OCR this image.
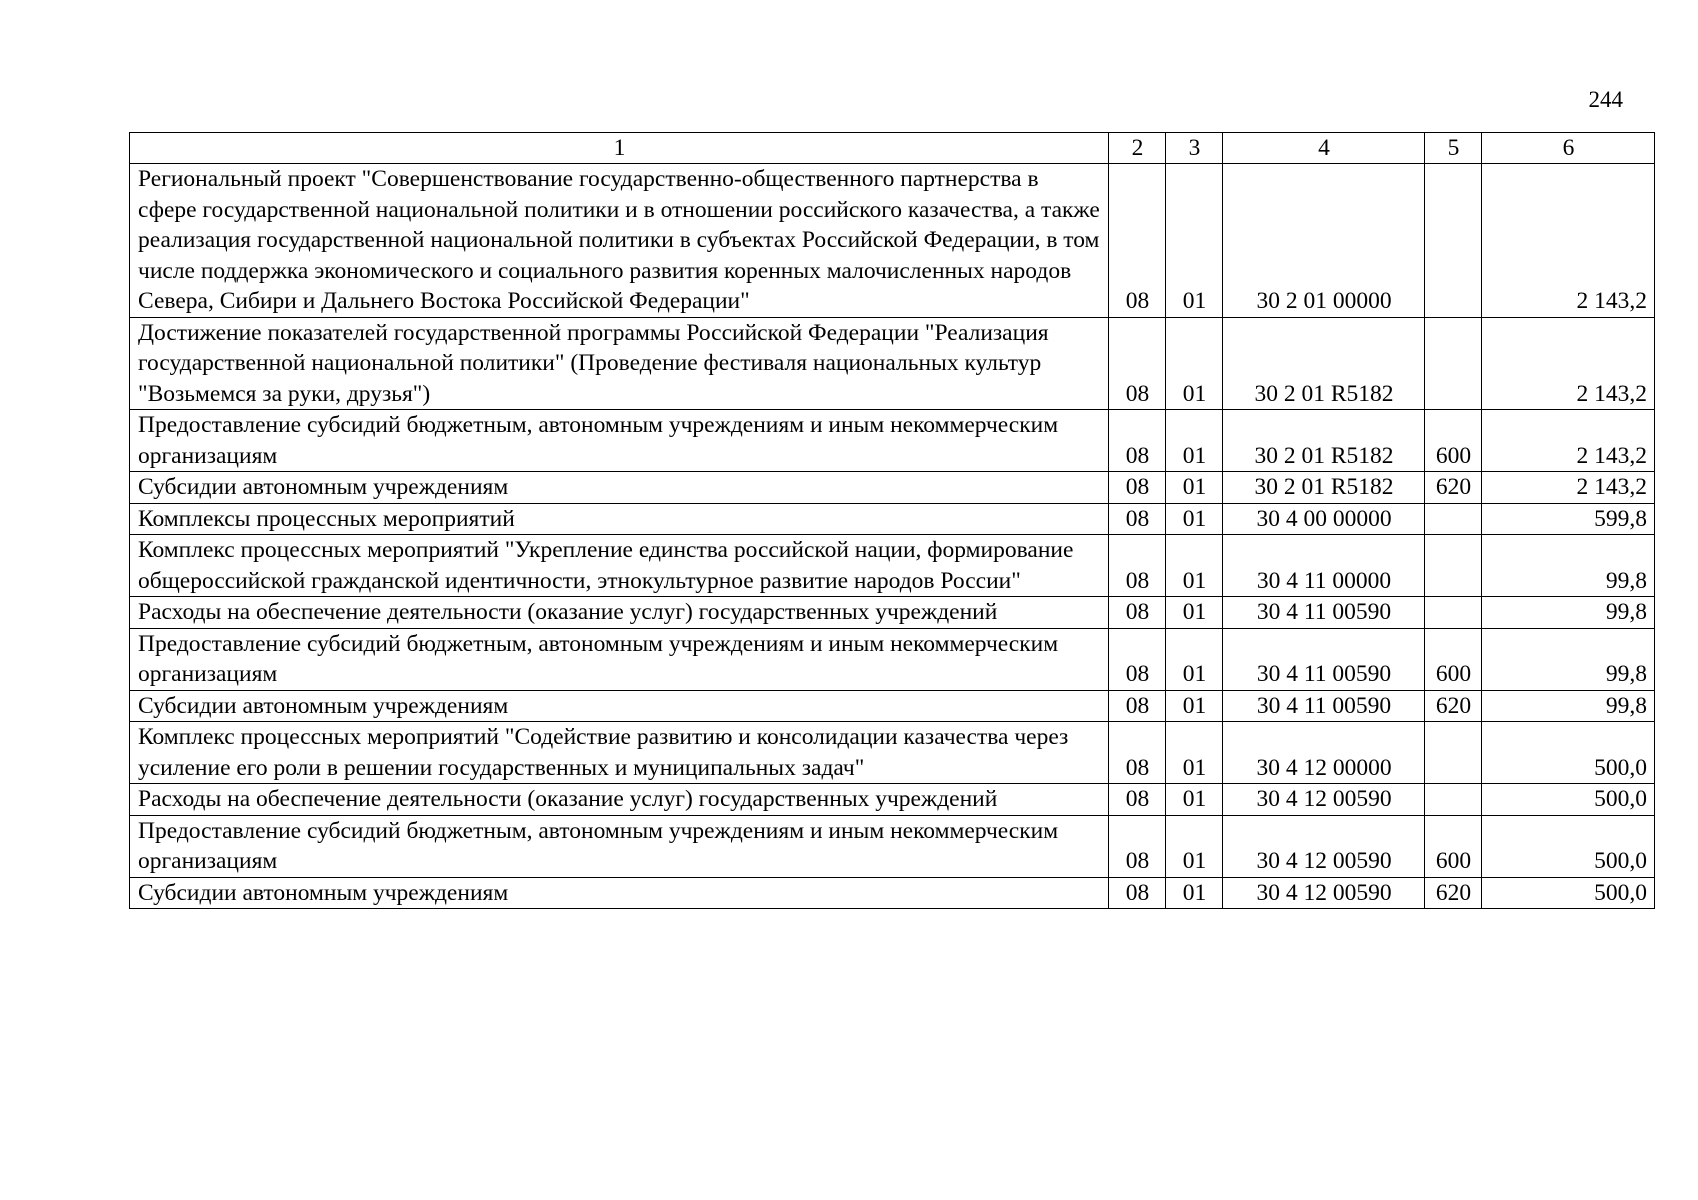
244
1	2	3	4	5	6
Региональный проект "Совершенствование государственно-общественного партнерства в сфере государственной национальной политики и в отношении российского казачества, а также реализация государственной национальной политики в субъектах Российской Федерации, в том числе поддержка экономического и социального развития коренных малочисленных народов Севера, Сибири и Дальнего Востока Российской Федерации"	08	01	30 2 01 00000		2 143,2
Достижение показателей государственной программы Российской Федерации "Реализация государственной национальной политики" (Проведение фестиваля национальных культур "Возьмемся за руки, друзья")	08	01	30 2 01 R5182		2 143,2
Предоставление субсидий бюджетным, автономным учреждениям и иным некоммерческим организациям	08	01	30 2 01 R5182	600	2 143,2
Субсидии автономным учреждениям	08	01	30 2 01 R5182	620	2 143,2
Комплексы процессных мероприятий	08	01	30 4 00 00000		599,8
Комплекс процессных мероприятий "Укрепление единства российской нации, формирование общероссийской гражданской идентичности, этнокультурное развитие народов России"	08	01	30 4 11 00000		99,8
Расходы на обеспечение деятельности (оказание услуг) государственных учреждений	08	01	30 4 11 00590		99,8
Предоставление субсидий бюджетным, автономным учреждениям и иным некоммерческим организациям	08	01	30 4 11 00590	600	99,8
Субсидии автономным учреждениям	08	01	30 4 11 00590	620	99,8
Комплекс процессных мероприятий "Содействие развитию и консолидации казачества через усиление его роли в решении государственных и муниципальных задач"	08	01	30 4 12 00000		500,0
Расходы на обеспечение деятельности (оказание услуг) государственных учреждений	08	01	30 4 12 00590		500,0
Предоставление субсидий бюджетным, автономным учреждениям и иным некоммерческим организациям	08	01	30 4 12 00590	600	500,0
Субсидии автономным учреждениям	08	01	30 4 12 00590	620	500,0
